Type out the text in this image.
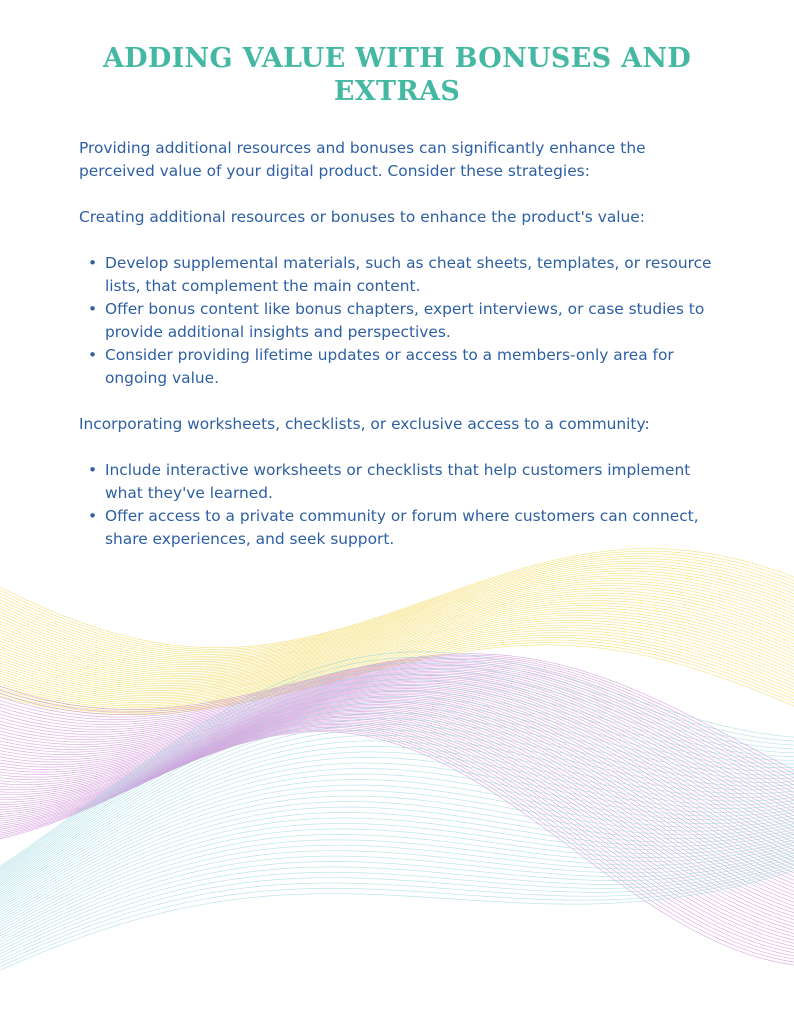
ADDING VALUE WITH BONUSES AND EXTRAS

Providing additional resources and bonuses can significantly enhance the perceived value of your digital product. Consider these strategies:

Creating additional resources or bonuses to enhance the product's value:

• Develop supplemental materials, such as cheat sheets, templates, or resource lists, that complement the main content.
• Offer bonus content like bonus chapters, expert interviews, or case studies to provide additional insights and perspectives.
• Consider providing lifetime updates or access to a members-only area for ongoing value.

Incorporating worksheets, checklists, or exclusive access to a community:

• Include interactive worksheets or checklists that help customers implement what they've learned.
• Offer access to a private community or forum where customers can connect, share experiences, and seek support.
